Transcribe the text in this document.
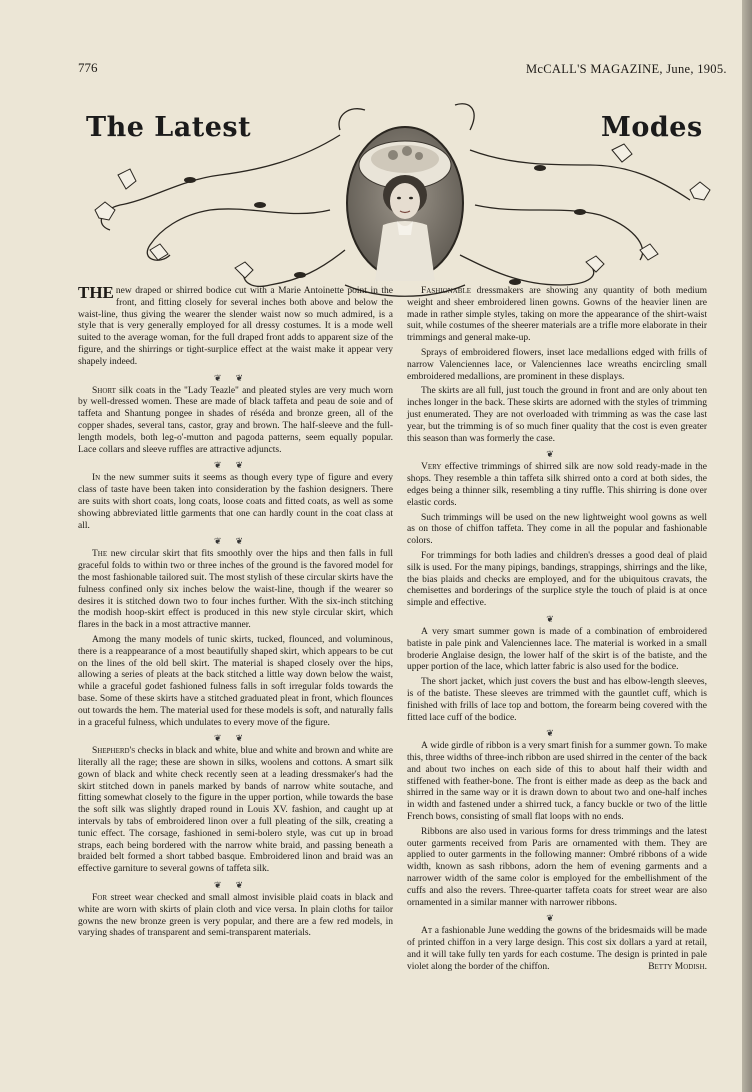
776	McCALL'S MAGAZINE, June, 1905.
The Latest	Modes

THE new draped or shirred bodice cut with a Marie Antoinette point in the front, and fitting closely for several inches both above and below the waist-line, thus giving the wearer the slender waist now so much admired, is a style that is very generally employed for all dressy costumes. It is a mode well suited to the average woman, for the full draped front adds to apparent size of the figure, and the shirrings or tight-surplice effect at the waist make it appear very shapely indeed.

❦❦

Short silk coats in the "Lady Teazle" and pleated styles are very much worn by well-dressed women. These are made of black taffeta and peau de soie and of taffeta and Shantung pongee in shades of réséda and bronze green, all of the copper shades, several tans, castor, gray and brown. The half-sleeve and the full-length models, both leg-o'-mutton and pagoda patterns, seem equally popular. Lace collars and sleeve ruffles are attractive adjuncts.

❦❦

In the new summer suits it seems as though every type of figure and every class of taste have been taken into consideration by the fashion designers. There are suits with short coats, long coats, loose coats and fitted coats, as well as some showing abbreviated little garments that one can hardly count in the coat class at all.

❦❦

The new circular skirt that fits smoothly over the hips and then falls in full graceful folds to within two or three inches of the ground is the favored model for the most fashionable tailored suit. The most stylish of these circular skirts have the fulness confined only six inches below the waist-line, though if the wearer so desires it is stitched down two to four inches further. With the six-inch stitching the modish hoop-skirt effect is produced in this new style circular skirt, which flares in the back in a most attractive manner.

Among the many models of tunic skirts, tucked, flounced, and voluminous, there is a reappearance of a most beautifully shaped skirt, which appears to be cut on the lines of the old bell skirt. The material is shaped closely over the hips, allowing a series of pleats at the back stitched a little way down below the waist, while a graceful godet fashioned fulness falls in soft irregular folds towards the base. Some of these skirts have a stitched graduated pleat in front, which flounces out towards the hem. The material used for these models is soft, and naturally falls in a graceful fulness, which undulates to every move of the figure.

❦❦

Shepherd's checks in black and white, blue and white and brown and white are literally all the rage; these are shown in silks, woolens and cottons. A smart silk gown of black and white check recently seen at a leading dressmaker's had the skirt stitched down in panels marked by bands of narrow white soutache, and fitting somewhat closely to the figure in the upper portion, while towards the base the soft silk was slightly draped round in Louis XV. fashion, and caught up at intervals by tabs of embroidered linon over a full pleating of the silk, creating a tunic effect. The corsage, fashioned in semi-bolero style, was cut up in broad straps, each being bordered with the narrow white braid, and passing beneath a braided belt formed a short tabbed basque. Embroidered linon and braid was an effective garniture to several gowns of taffeta silk.

❦❦

For street wear checked and small almost invisible plaid coats in black and white are worn with skirts of plain cloth and vice versa. In plain cloths for tailor gowns the new bronze green is very popular, and there are a few red models, in varying shades of transparent and semi-transparent materials.

Fashionable dressmakers are showing any quantity of both medium weight and sheer embroidered linen gowns. Gowns of the heavier linen are made in rather simple styles, taking on more the appearance of the shirt-waist suit, while costumes of the sheerer materials are a trifle more elaborate in their trimmings and general make-up.

Sprays of embroidered flowers, inset lace medallions edged with frills of narrow Valenciennes lace, or Valenciennes lace wreaths encircling small embroidered medallions, are prominent in these displays.

The skirts are all full, just touch the ground in front and are only about ten inches longer in the back. These skirts are adorned with the styles of trimming just enumerated. They are not overloaded with trimming as was the case last year, but the trimming is of so much finer quality that the cost is even greater this season than was formerly the case.

❦

Very effective trimmings of shirred silk are now sold ready-made in the shops. They resemble a thin taffeta silk shirred onto a cord at both sides, the edges being a thinner silk, resembling a tiny ruffle. This shirring is done over elastic cords.

Such trimmings will be used on the new lightweight wool gowns as well as on those of chiffon taffeta. They come in all the popular and fashionable colors.

For trimmings for both ladies and children's dresses a good deal of plaid silk is used. For the many pipings, bandings, strappings, shirrings and the like, the bias plaids and checks are employed, and for the ubiquitous cravats, the chemisettes and borderings of the surplice style the touch of plaid is at once simple and effective.

❦

A very smart summer gown is made of a combination of embroidered batiste in pale pink and Valenciennes lace. The material is worked in a small broderie Anglaise design, the lower half of the skirt is of the batiste, and the upper portion of the lace, which latter fabric is also used for the bodice.

The short jacket, which just covers the bust and has elbow-length sleeves, is of the batiste. These sleeves are trimmed with the gauntlet cuff, which is finished with frills of lace top and bottom, the forearm being covered with the fitted lace cuff of the bodice.

❦

A wide girdle of ribbon is a very smart finish for a summer gown. To make this, three widths of three-inch ribbon are used shirred in the center of the back and about two inches on each side of this to about half their width and stiffened with feather-bone. The front is either made as deep as the back and shirred in the same way or it is drawn down to about two and one-half inches in width and fastened under a shirred tuck, a fancy buckle or two of the little French bows, consisting of small flat loops with no ends.

Ribbons are also used in various forms for dress trimmings and the latest outer garments received from Paris are ornamented with them. They are applied to outer garments in the following manner: Ombré ribbons of a wide width, known as sash ribbons, adorn the hem of evening garments and a narrower width of the same color is employed for the embellishment of the cuffs and also the revers. Three-quarter taffeta coats for street wear are also ornamented in a similar manner with narrower ribbons.

❦

At a fashionable June wedding the gowns of the bridesmaids will be made of printed chiffon in a very large design. This cost six dollars a yard at retail, and it will take fully ten yards for each costume. The design is printed in pale violet along the border of the chiffon.	Betty Modish.
